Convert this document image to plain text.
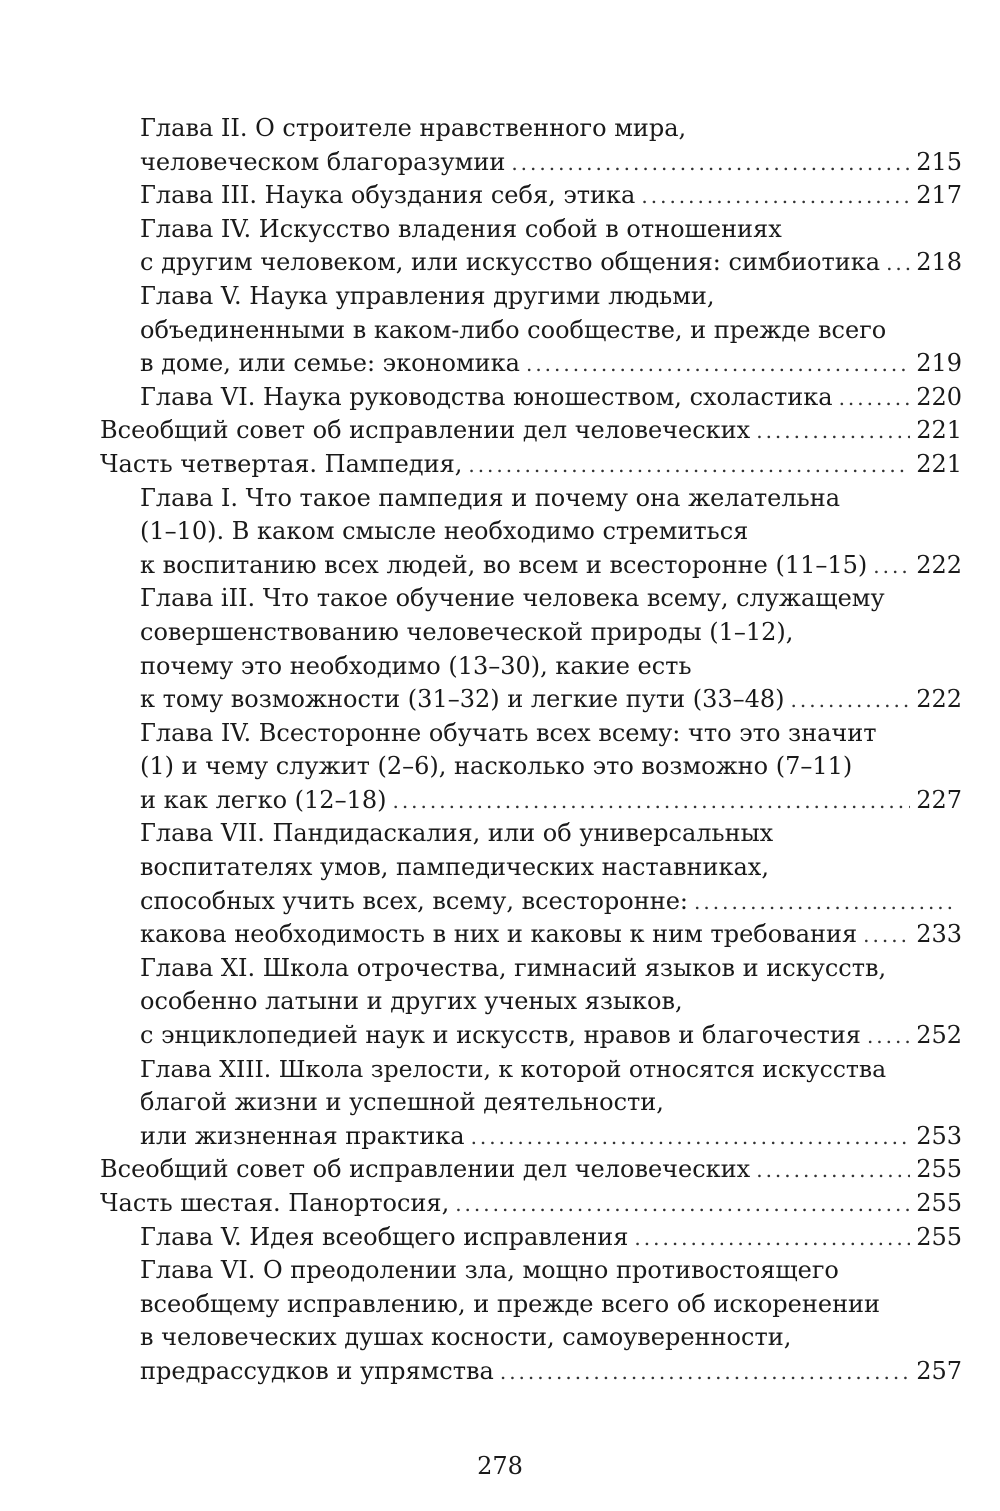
Глава II. О строителе нравственного мира,
человеческом благоразумии .....	215
Глава III. Наука обуздания себя, этика .....	217
Глава IV. Искусство владения собой в отношениях
с другим человеком, или искусство общения: симбиотика ..... 218
Глава V. Наука управления другими людьми,
объединенными в каком-либо сообществе, и прежде всего
в доме, или семье: экономика .....	219
Глава VI. Наука руководства юношеством, схоластика .....	220
Всеобщий совет об исправлении дел человеческих .....	221
Часть четвертая. Пампедия, .....	221
Глава I. Что такое пампедия и почему она желательна
(1–10). В каком смысле необходимо стремиться
к воспитанию всех людей, во всем и всесторонне (11–15) ..... 222
Глава iII. Что такое обучение человека всему, служащему
совершенствованию человеческой природы (1–12),
почему это необходимо (13–30), какие есть
к тому возможности (31–32) и легкие пути (33–48) .....	222
Глава IV. Всесторонне обучать всех всему: что это значит
(1) и чему служит (2–6), насколько это возможно (7–11)
и как легко (12–18) .....	227
Глава VII. Пандидаскалия, или об универсальных
воспитателях умов, пампедических наставниках,
способных учить всех, всему, всесторонне:
.....
какова необходимость в них и каковы к ним требования ..... 233
Глава XI. Школа отрочества, гимнасий языков и искусств,
особенно латыни и других ученых языков,
с энциклопедией наук и искусств, нравов и благочестия ..... 252
Глава XIII. Школа зрелости, к которой относятся искусства
благой жизни и успешной деятельности,
или жизненная практика .....	253
Всеобщий совет об исправлении дел человеческих .....	255
Часть шестая. Панортосия, .....	255
Глава V. Идея всеобщего исправления .....	255
Глава VI. О преодолении зла, мощно противостоящего
всеобщему исправлению, и прежде всего об искоренении
в человеческих душах косности, самоуверенности,
предрассудков и упрямства .....	257
278
